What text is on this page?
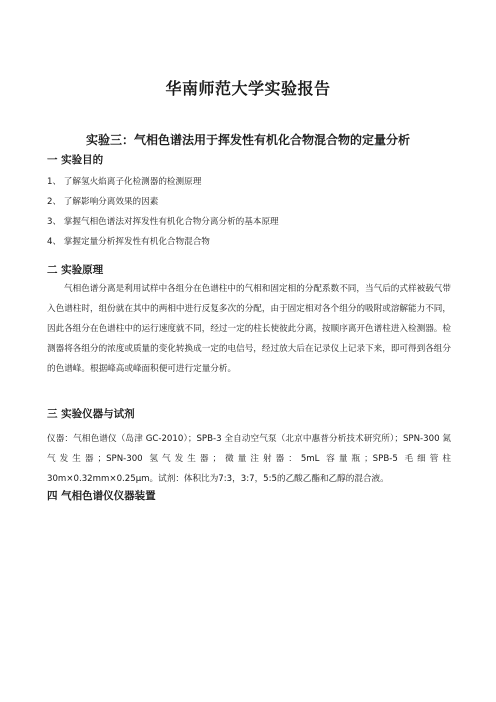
华南师范大学实验报告
实验三：气相色谱法用于挥发性有机化合物混合物的定量分析
一 实验目的
1、 了解氢火焰离子化检测器的检测原理
2、 了解影响分离效果的因素
3、 掌握气相色谱法对挥发性有机化合物分离分析的基本原理
4、 掌握定量分析挥发性有机化合物混合物
二 实验原理

气相色谱分离是利用试样中各组分在色谱柱中的气相和固定相的分配系数不同，当气后的式样被载气带入色谱柱时，组份就在其中的两相中进行反复多次的分配，由于固定相对各个组分的吸附或溶解能力不同，因此各组分在色谱柱中的运行速度就不同，经过一定的柱长使彼此分离，按顺序离开色谱柱进入检测器。检测器将各组分的浓度或质量的变化转换成一定的电信号，经过放大后在记录仪上记录下来，即可得到各组分的色谱峰。根据峰高或峰面积便可进行定量分析。

三 实验仪器与试剂

仪器：气相色谱仪（岛津 GC-2010）；SPB-3 全自动空气泵（北京中惠普分析技术研究所）；SPN-300 氮气发生器；SPN-300 氢气发生器；微量注射器：5mL 容量瓶；SPB-5 毛细管柱30m×0.32mm×0.25μm。试剂：体积比为7:3，3:7，5:5的乙酸乙酯和乙醇的混合液。

四 气相色谱仪仪器装置
